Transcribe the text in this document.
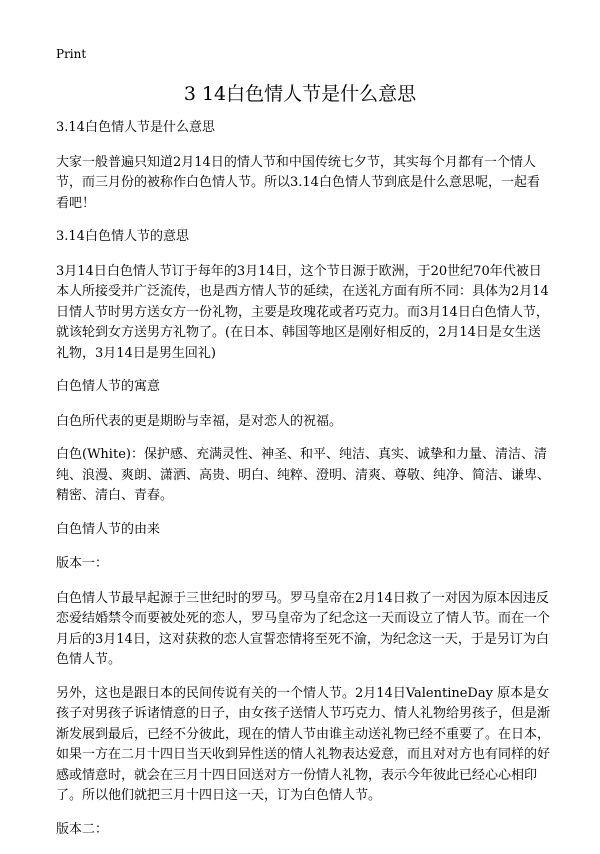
Print
3 14白色情人节是什么意思

3.14白色情人节是什么意思

大家一般普遍只知道2月14日的情人节和中国传统七夕节，其实每个月都有一个情人节，而三月份的被称作白色情人节。所以3.14白色情人节到底是什么意思呢，一起看看吧！

3.14白色情人节的意思

3月14日白色情人节订于每年的3月14日，这个节日源于欧洲，于20世纪70年代被日本人所接受并广泛流传，也是西方情人节的延续，在送礼方面有所不同：具体为2月14日情人节时男方送女方一份礼物，主要是玫瑰花或者巧克力。而3月14日白色情人节，就该轮到女方送男方礼物了。(在日本、韩国等地区是刚好相反的，2月14日是女生送礼物，3月14日是男生回礼)

白色情人节的寓意

白色所代表的更是期盼与幸福，是对恋人的祝福。

白色(White)：保护感、充满灵性、神圣、和平、纯洁、真实、诚挚和力量、清洁、清纯、浪漫、爽朗、潇洒、高贵、明白、纯粹、澄明、清爽、尊敬、纯净、简洁、谦卑、精密、清白、青春。

白色情人节的由来

版本一：

白色情人节最早起源于三世纪时的罗马。罗马皇帝在2月14日救了一对因为原本因违反恋爱结婚禁令而要被处死的恋人，罗马皇帝为了纪念这一天而设立了情人节。而在一个月后的3月14日，这对获救的恋人宣誓恋情将至死不渝，为纪念这一天，于是另订为白色情人节。

另外，这也是跟日本的民间传说有关的一个情人节。2月14日ValentineDay 原本是女孩子对男孩子诉诸情意的日子，由女孩子送情人节巧克力、情人礼物给男孩子，但是渐渐发展到最后，已经不分彼此，现在的情人节由谁主动送礼物已经不重要了。在日本，如果一方在二月十四日当天收到异性送的情人礼物表达爱意，而且对对方也有同样的好感或情意时，就会在三月十四日回送对方一份情人礼物，表示今年彼此已经心心相印了。所以他们就把三月十四日这一天，订为白色情人节。

版本二：
